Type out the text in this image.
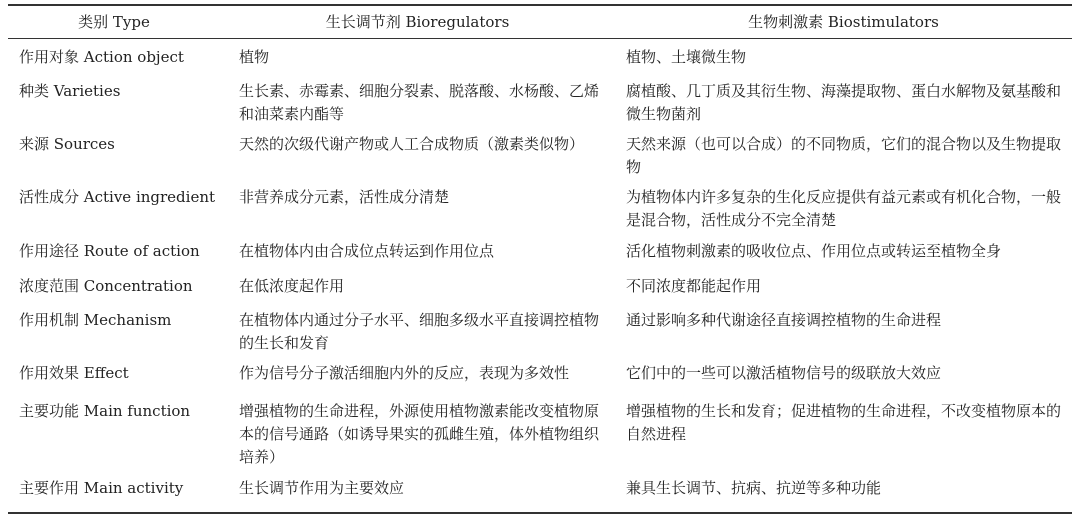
类别 Type	生长调节剂 Bioregulators	生物刺激素 Biostimulators
作用对象 Action object	植物	植物、土壤微生物
种类 Varieties	生长素、赤霉素、细胞分裂素、脱落酸、水杨酸、乙烯和油菜素内酯等	腐植酸、几丁质及其衍生物、海藻提取物、蛋白水解物及氨基酸和微生物菌剂
来源 Sources	天然的次级代谢产物或人工合成物质（激素类似物）	天然来源（也可以合成）的不同物质，它们的混合物以及生物提取物
活性成分 Active ingredient	非营养成分元素，活性成分清楚	为植物体内许多复杂的生化反应提供有益元素或有机化合物，一般是混合物，活性成分不完全清楚
作用途径 Route of action	在植物体内由合成位点转运到作用位点	活化植物刺激素的吸收位点、作用位点或转运至植物全身
浓度范围 Concentration	在低浓度起作用	不同浓度都能起作用
作用机制 Mechanism	在植物体内通过分子水平、细胞多级水平直接调控植物的生长和发育	通过影响多种代谢途径直接调控植物的生命进程
作用效果 Effect	作为信号分子激活细胞内外的反应，表现为多效性	它们中的一些可以激活植物信号的级联放大效应
主要功能 Main function	增强植物的生命进程，外源使用植物激素能改变植物原本的信号通路（如诱导果实的孤雌生殖，体外植物组织培养）	增强植物的生长和发育；促进植物的生命进程，不改变植物原本的自然进程
主要作用 Main activity	生长调节作用为主要效应	兼具生长调节、抗病、抗逆等多种功能
